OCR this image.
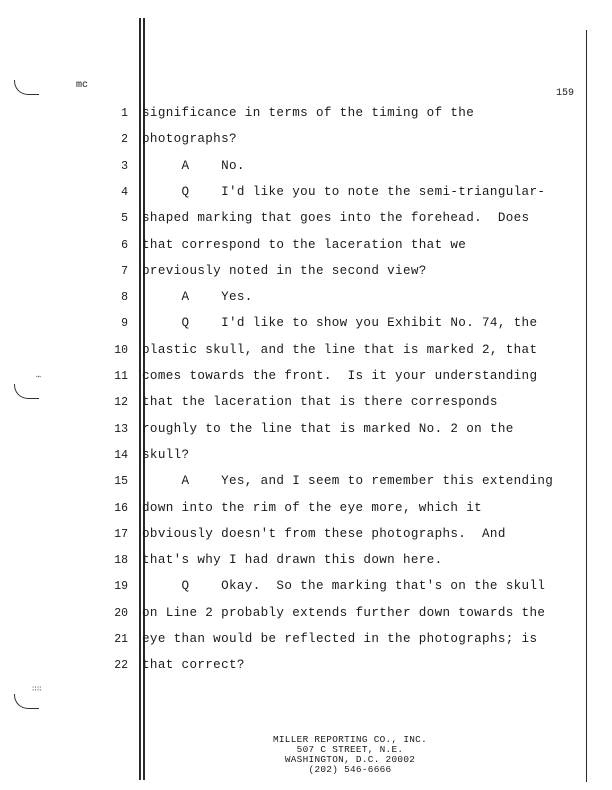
⋯
∷∷
mc
159
1 significance in terms of the timing of the
2 photographs?
3 A    No.
4 Q    I'd like you to note the semi-triangular-
5 shaped marking that goes into the forehead.  Does
6 that correspond to the laceration that we
7 previously noted in the second view?
8 A    Yes.
9 Q    I'd like to show you Exhibit No. 74, the
10 plastic skull, and the line that is marked 2, that
11 comes towards the front.  Is it your understanding
12 that the laceration that is there corresponds
13 roughly to the line that is marked No. 2 on the
14 skull?
15 A    Yes, and I seem to remember this extending
16 down into the rim of the eye more, which it
17 obviously doesn't from these photographs.  And
18 that's why I had drawn this down here.
19 Q    Okay.  So the marking that's on the skull
20 on Line 2 probably extends further down towards the
21 eye than would be reflected in the photographs; is
22 that correct?
MILLER REPORTING CO., INC.
507 C STREET, N.E.
WASHINGTON, D.C. 20002
(202) 546-6666
